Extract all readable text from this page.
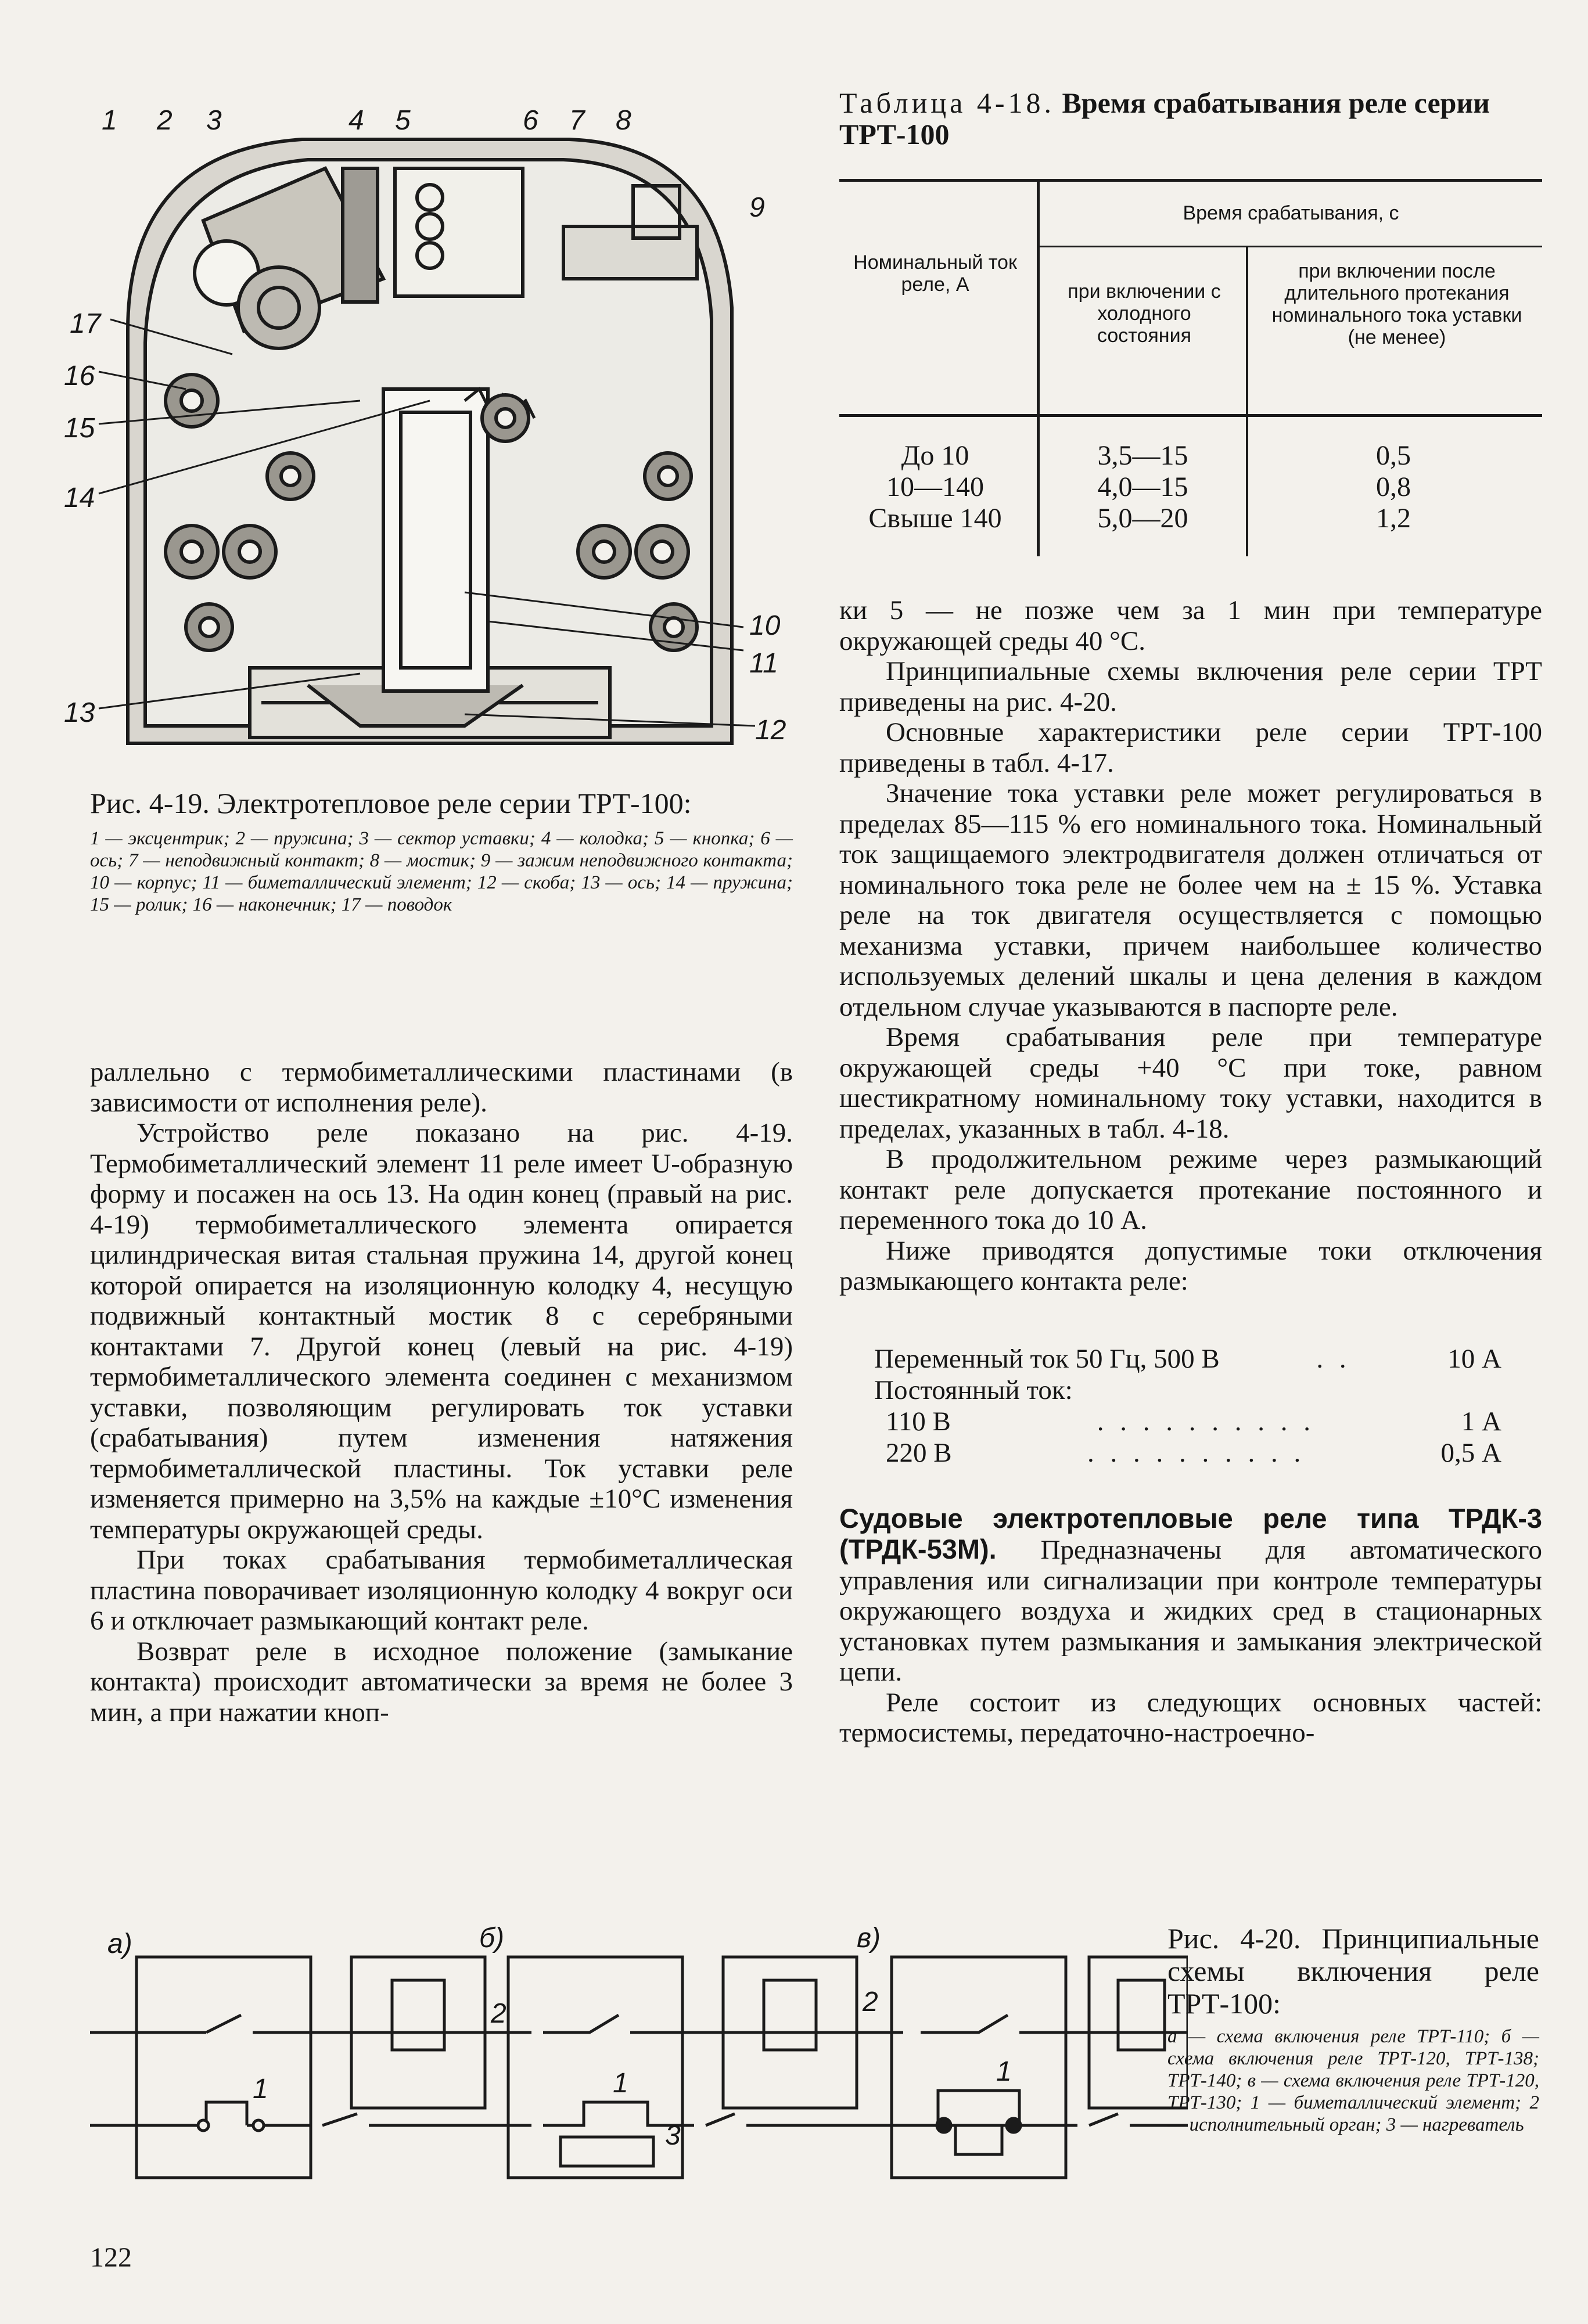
1 2 3	4 5	6 7 8
9
10
11
12
13
14
15
16
17

Рис. 4-19. Электротепловое реле серии ТРТ-100:

1 — эксцентрик; 2 — пружина; 3 — сектор уставки; 4 — колодка; 5 — кнопка; 6 — ось; 7 — неподвижный контакт; 8 — мостик; 9 — зажим неподвижного контакта; 10 — корпус; 11 — биметаллический элемент; 12 — скоба; 13 — ось; 14 — пружина; 15 — ролик; 16 — наконечник; 17 — поводок

раллельно с термобиметаллическими пластинами (в зависимости от исполнения реле).

Устройство реле показано на рис. 4-19. Термобиметаллический элемент 11 реле имеет U-образную форму и посажен на ось 13. На один конец (правый на рис. 4-19) термобиметаллического элемента опирается цилиндрическая витая стальная пружина 14, другой конец которой опирается на изоляционную колодку 4, несущую подвижный контактный мостик 8 с серебряными контактами 7. Другой конец (левый на рис. 4-19) термобиметаллического элемента соединен с механизмом уставки, позволяющим регулировать ток уставки (срабатывания) путем изменения натяжения термобиметаллической пластины. Ток уставки реле изменяется примерно на 3,5% на каждые ±10°С изменения температуры окружающей среды.

При токах срабатывания термобиметаллическая пластина поворачивает изоляционную колодку 4 вокруг оси 6 и отключает размыкающий контакт реле.

Возврат реле в исходное положение (замыкание контакта) происходит автоматически за время не более 3 мин, а при нажатии кноп-

Таблица 4-18. Время срабатывания реле серии ТРТ-100
Время срабатывания, с
Номинальный ток реле, А	при включении с холодного состояния
при включении после длительного протекания номинального тока уставки (не менее)
До 10	3,5—15	0,5
10—140	4,0—15	0,8
Свыше 140	5,0—20	1,2

ки 5 — не позже чем за 1 мин при температуре окружающей среды 40 °С.

Принципиальные схемы включения реле серии ТРТ приведены на рис. 4-20.

Основные характеристики реле серии ТРТ-100 приведены в табл. 4-17.

Значение тока уставки реле может регулироваться в пределах 85—115 % его номинального тока. Номинальный ток защищаемого электродвигателя должен отличаться от номинального тока реле не более чем на ± 15 %. Уставка реле на ток двигателя осуществляется с помощью механизма уставки, причем наибольшее количество используемых делений шкалы и цена деления в каждом отдельном случае указываются в паспорте реле.

Время срабатывания реле при температуре окружающей среды +40 °С при токе, равном шестикратному номинальному току уставки, находится в пределах, указанных в табл. 4-18.

В продолжительном режиме через размыкающий контакт реле допускается протекание постоянного и переменного тока до 10 А.

Ниже приводятся допустимые токи отключения размыкающего контакта реле:

Переменный ток 50 Гц, 500 В	. .	10 А
Постоянный ток:
110 В	. . . . . . . . . .	1 А
220 В	. . . . . . . . . .	0,5 А

Судовые электротепловые реле типа ТРДК-3 (ТРДК-53М). Предназначены для автоматического управления или сигнализации при контроле температуры окружающего воздуха и жидких сред в стационарных установках путем размыкания и замыкания электрической цепи.

Реле состоит из следующих основных частей: термосистемы, передаточно-настроечно-

а)	б)	в)
1
2
1
3
2
1

Рис. 4-20. Принципиальные схемы включения реле ТРТ-100:

а — схема включения реле ТРТ-110; б — схема включения реле ТРТ-120, ТРТ-138; ТРТ-140; в — схема включения реле ТРТ-120, ТРТ-130; 1 — биметаллический элемент; 2 — исполнительный орган; 3 — нагреватель

122
